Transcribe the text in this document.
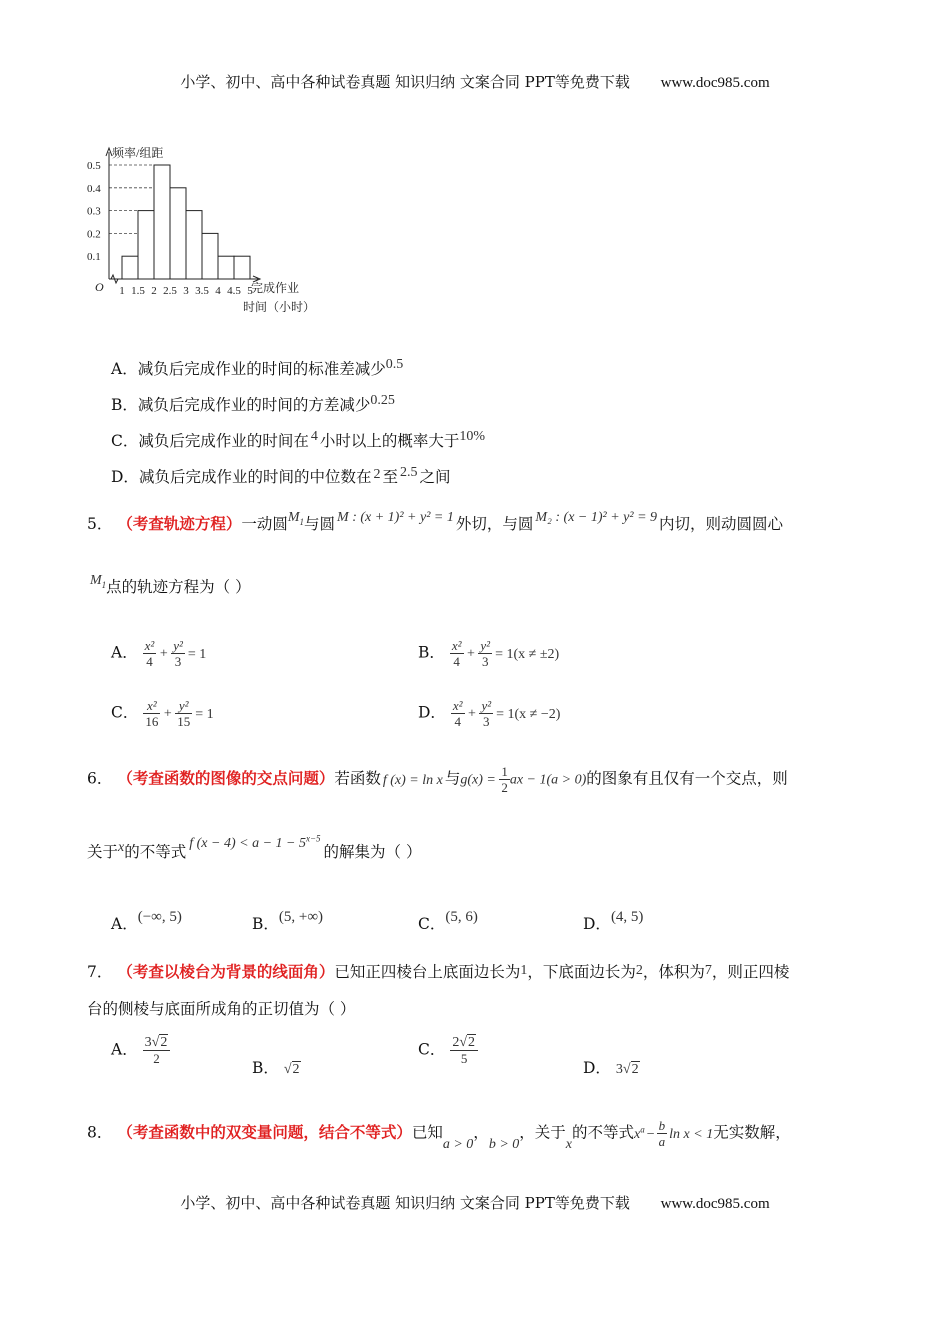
小学、初中、高中各种试卷真题 知识归纳 文案合同 PPT等免费下载 www.doc985.com
0.1
0.2
0.3
0.4
0.5
1 1.5 2 2.5 3 3.5 4 4.5 5
O
频率/组距
完成作业
时间（小时）
A．减负后完成作业的时间的标准差减少0.5
B．减负后完成作业的时间的方差减少0.25
C．减负后完成作业的时间在 4 小时以上的概率大于10%
D．减负后完成作业的时间的中位数在 2 至 2.5 之间
5． （考查轨迹方程）一动圆$M_1$与圆 M : (x + 1)² + y² = 1 外切，与圆 M₂ : (x − 1)² + y² = 9 内切，则动圆圆心
$M_1$点的轨迹方程为（ ）
A． $\frac{\text{x²}}{4} + \frac{\text{y²}}{3} = 1$	B． $\frac{\text{x²}}{4} + \frac{\text{y²}}{3} = 1(x \ne \pm 2)$
C． $\frac{\text{x²}}{16} + \frac{\text{y²}}{15} = 1$	D． $\frac{\text{x²}}{4} + \frac{\text{y²}}{3} = 1(x \ne -2)$
6． （考查函数的图像的交点问题）若函数 f (x) = ln x 与$g(x) = \frac{1}{2}$ ax − 1(a > 0)的图象有且仅有一个交点，则
关于x的不等式 f $(x - 4) < a - 1 - 5^{x-5}$的解集为（ ）
A．(−∞, 5)	B．(5, +∞)	C．(5, 6)	D．(4, 5)
7． （考查以棱台为背景的线面角）已知正四棱台上底面边长为1，下底面边长为2，体积为7，则正四棱
台的侧棱与底面所成角的正切值为（ ）
A． $\frac{3√2}{2}$
B． √2
C． $\frac{2√2}{5}$
D． 3√2
8． （考查函数中的双变量问题，结合不等式）已知a > 0，b > 0，关于x的不等式$x^a - \frac{b}{a}$ ln x < 1无实数解，
小学、初中、高中各种试卷真题 知识归纳 文案合同 PPT等免费下载 www.doc985.com
